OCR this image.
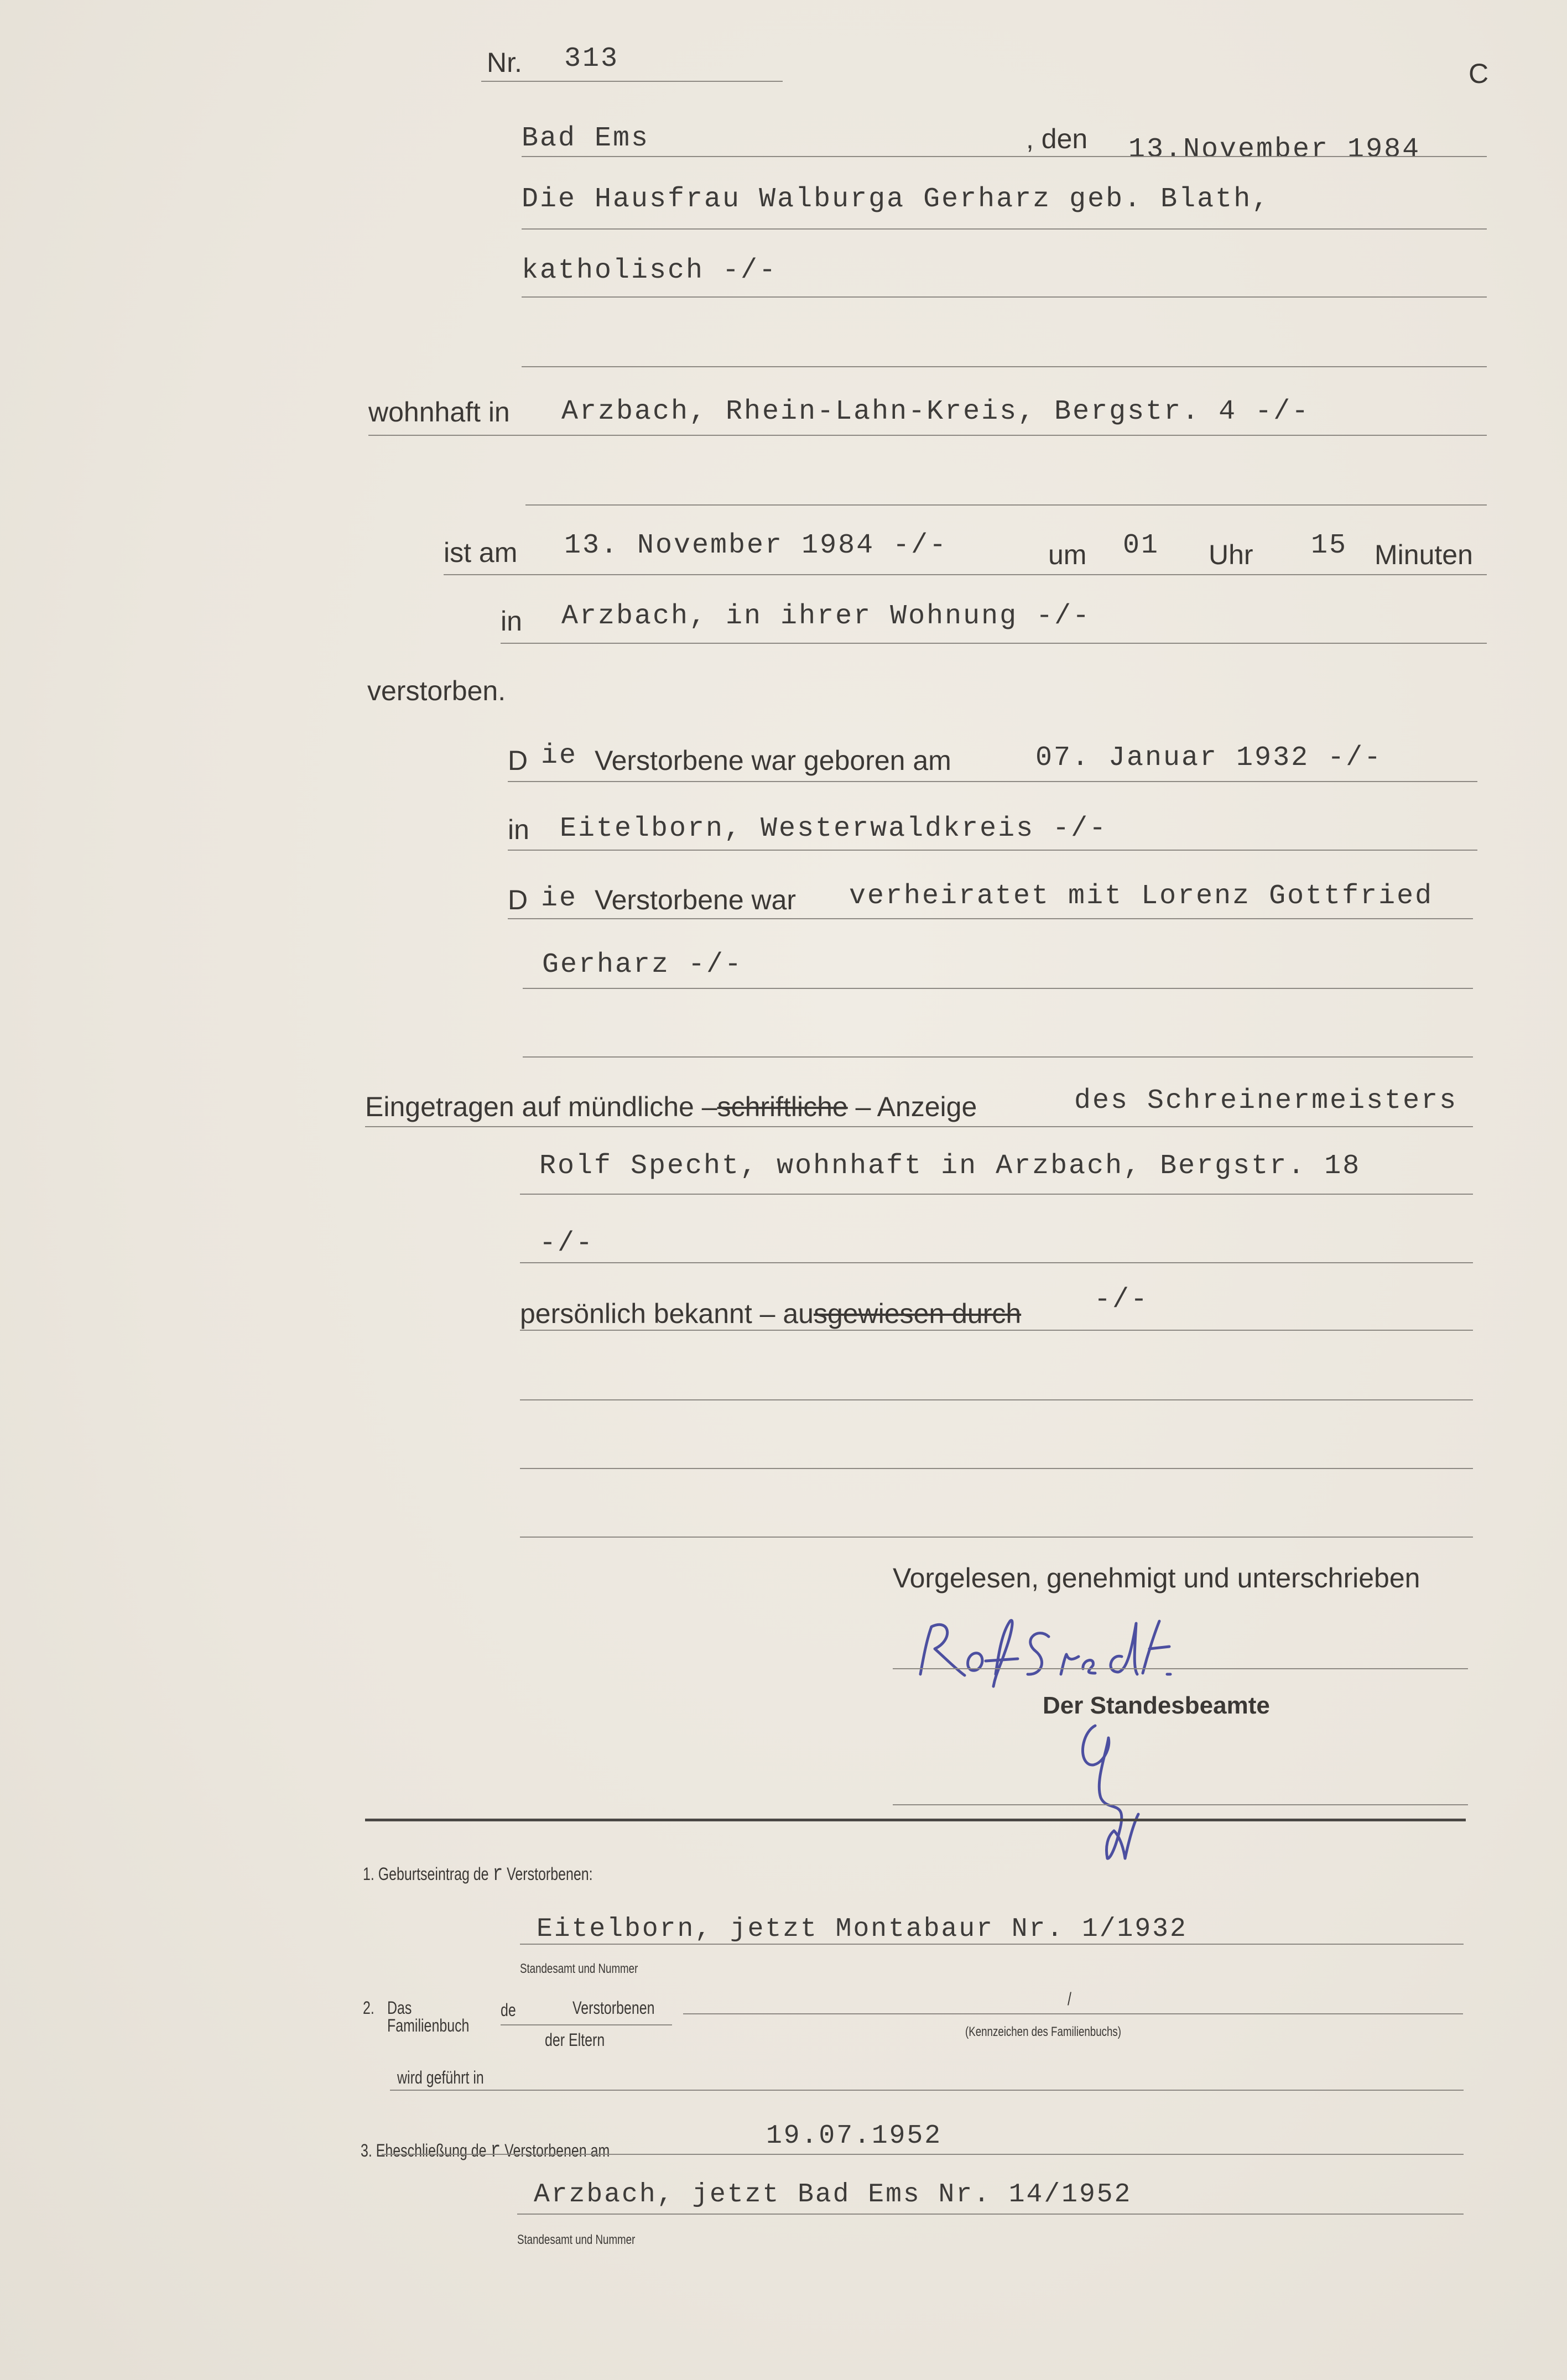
C
Nr. 313
Bad Ems	, den 13.November 1984
Die Hausfrau Walburga Gerharz geb. Blath,
katholisch -/-
wohnhaft in Arzbach, Rhein-Lahn-Kreis, Bergstr. 4 -/-
ist am 13. November 1984 -/-	um 01 Uhr 15 Minuten
in Arzbach, in ihrer Wohnung -/-
verstorben.
D ie Verstorbene war geboren am	07. Januar 1932 -/-
in Eitelborn, Westerwaldkreis -/-
D ie Verstorbene war verheiratet mit Lorenz Gottfried
Gerharz -/-
Eingetragen auf mündliche –schriftliche – Anzeige	des Schreinermeisters
Rolf Specht, wohnhaft in Arzbach, Bergstr. 18
-/-
persönlich bekannt – ausgewiesen durch	-/-
Vorgelesen, genehmigt und unterschrieben
Der Standesbeamte
1. Geburtseintrag de r Verstorbenen:
Eitelborn, jetzt Montabaur Nr. 1/1932
Standesamt und Nummer
2. Das
Familienbuch
de	Verstorbenen
der Eltern
/
(Kennzeichen des Familienbuchs)
wird geführt in
3. Eheschließung de r Verstorbenen am	19.07.1952
Arzbach, jetzt Bad Ems Nr. 14/1952
Standesamt und Nummer
